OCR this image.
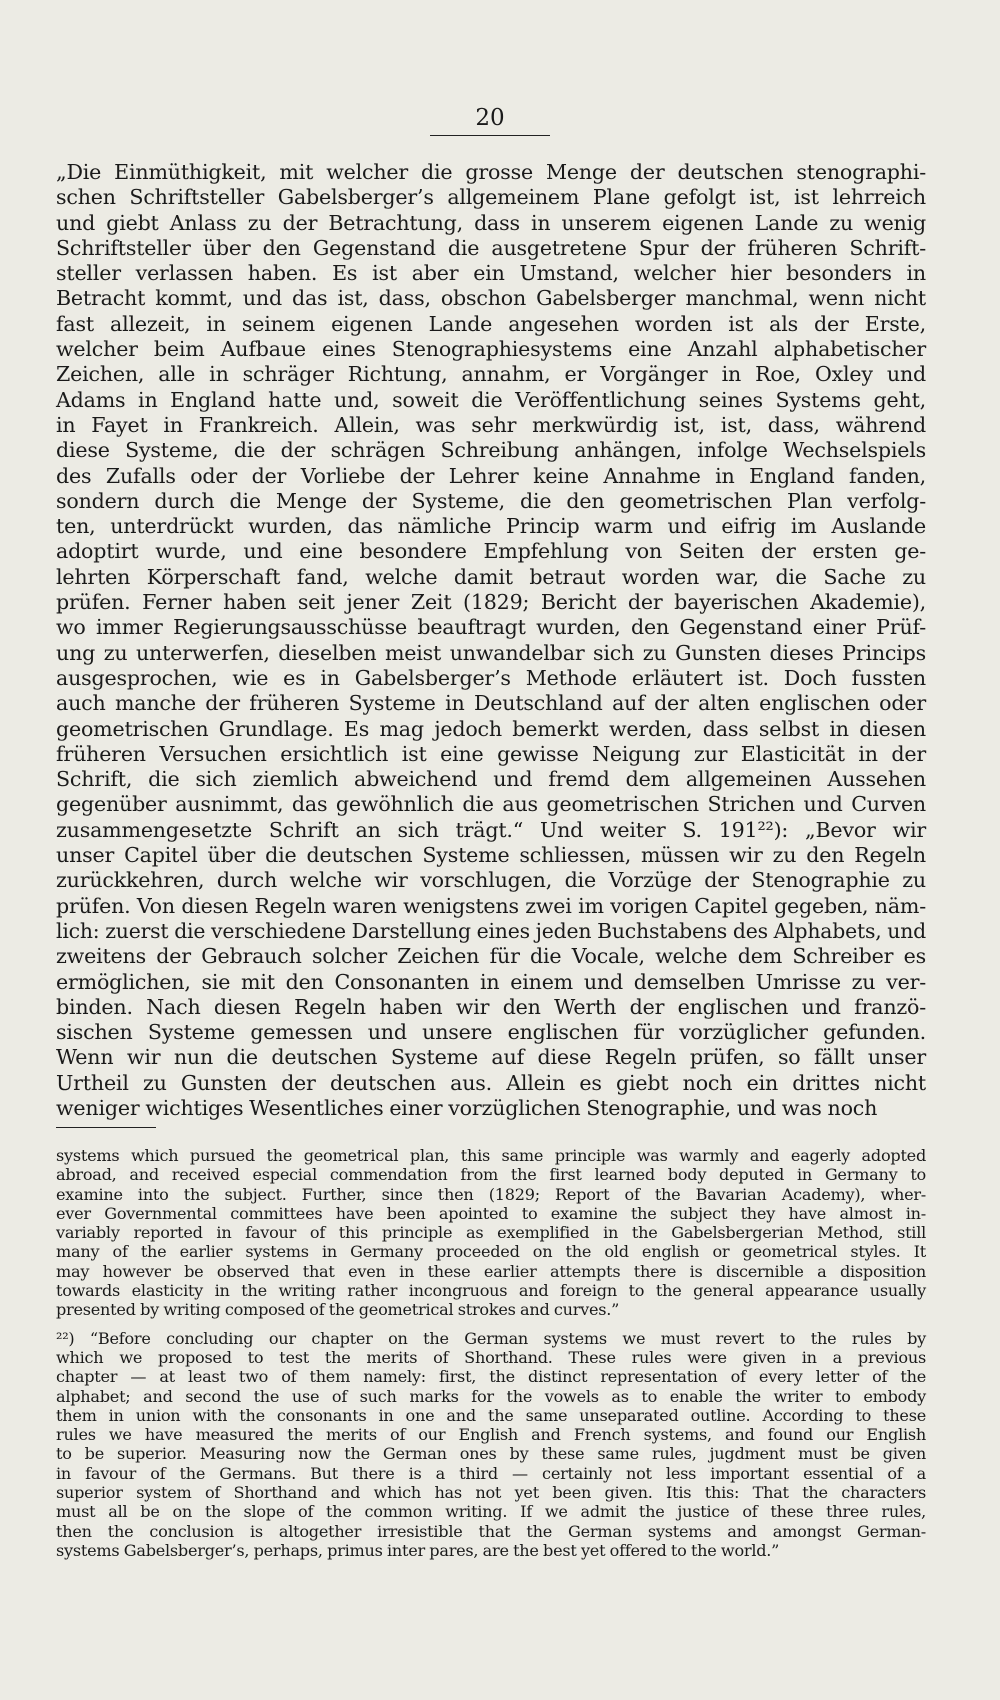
20
„Die Einmüthigkeit, mit welcher die grosse Menge der deutschen stenographi-
schen Schriftsteller Gabelsberger’s allgemeinem Plane gefolgt ist, ist lehrreich
und giebt Anlass zu der Betrachtung, dass in unserem eigenen Lande zu wenig
Schriftsteller über den Gegenstand die ausgetretene Spur der früheren Schrift-
steller verlassen haben. Es ist aber ein Umstand, welcher hier besonders in
Betracht kommt, und das ist, dass, obschon Gabelsberger manchmal, wenn nicht
fast allezeit, in seinem eigenen Lande angesehen worden ist als der Erste,
welcher beim Aufbaue eines Stenographiesystems eine Anzahl alphabetischer
Zeichen, alle in schräger Richtung, annahm, er Vorgänger in Roe, Oxley und
Adams in England hatte und, soweit die Veröffentlichung seines Systems geht,
in Fayet in Frankreich. Allein, was sehr merkwürdig ist, ist, dass, während
diese Systeme, die der schrägen Schreibung anhängen, infolge Wechselspiels
des Zufalls oder der Vorliebe der Lehrer keine Annahme in England fanden,
sondern durch die Menge der Systeme, die den geometrischen Plan verfolg-
ten, unterdrückt wurden, das nämliche Princip warm und eifrig im Auslande
adoptirt wurde, und eine besondere Empfehlung von Seiten der ersten ge-
lehrten Körperschaft fand, welche damit betraut worden war, die Sache zu
prüfen. Ferner haben seit jener Zeit (1829; Bericht der bayerischen Akademie),
wo immer Regierungsausschüsse beauftragt wurden, den Gegenstand einer Prüf-
ung zu unterwerfen, dieselben meist unwandelbar sich zu Gunsten dieses Princips
ausgesprochen, wie es in Gabelsberger’s Methode erläutert ist. Doch fussten
auch manche der früheren Systeme in Deutschland auf der alten englischen oder
geometrischen Grundlage. Es mag jedoch bemerkt werden, dass selbst in diesen
früheren Versuchen ersichtlich ist eine gewisse Neigung zur Elasticität in der
Schrift, die sich ziemlich abweichend und fremd dem allgemeinen Aussehen
gegenüber ausnimmt, das gewöhnlich die aus geometrischen Strichen und Curven
zusammengesetzte Schrift an sich trägt.“ Und weiter S. 191²²): „Bevor wir
unser Capitel über die deutschen Systeme schliessen, müssen wir zu den Regeln
zurückkehren, durch welche wir vorschlugen, die Vorzüge der Stenographie zu
prüfen. Von diesen Regeln waren wenigstens zwei im vorigen Capitel gegeben, näm-
lich: zuerst die verschiedene Darstellung eines jeden Buchstabens des Alphabets, und
zweitens der Gebrauch solcher Zeichen für die Vocale, welche dem Schreiber es
ermöglichen, sie mit den Consonanten in einem und demselben Umrisse zu ver-
binden. Nach diesen Regeln haben wir den Werth der englischen und franzö-
sischen Systeme gemessen und unsere englischen für vorzüglicher gefunden.
Wenn wir nun die deutschen Systeme auf diese Regeln prüfen, so fällt unser
Urtheil zu Gunsten der deutschen aus. Allein es giebt noch ein drittes nicht
weniger wichtiges Wesentliches einer vorzüglichen Stenographie, und was noch
systems which pursued the geometrical plan, this same principle was warmly and eagerly adopted
abroad, and received especial commendation from the first learned body deputed in Germany to
examine into the subject. Further, since then (1829; Report of the Bavarian Academy), wher-
ever Governmental committees have been apointed to examine the subject they have almost in-
variably reported in favour of this principle as exemplified in the Gabelsbergerian Method, still
many of the earlier systems in Germany proceeded on the old english or geometrical styles. It
may however be observed that even in these earlier attempts there is discernible a disposition
towards elasticity in the writing rather incongruous and foreign to the general appearance usually
presented by writing composed of the geometrical strokes and curves.”
²²) “Before concluding our chapter on the German systems we must revert to the rules by
which we proposed to test the merits of Shorthand. These rules were given in a previous
chapter — at least two of them namely: first, the distinct representation of every letter of the
alphabet; and second the use of such marks for the vowels as to enable the writer to embody
them in union with the consonants in one and the same unseparated outline. According to these
rules we have measured the merits of our English and French systems, and found our English
to be superior. Measuring now the German ones by these same rules, jugdment must be given
in favour of the Germans. But there is a third — certainly not less important essential of a
superior system of Shorthand and which has not yet been given. Itis this: That the characters
must all be on the slope of the common writing. If we admit the justice of these three rules,
then the conclusion is altogether irresistible that the German systems and amongst German-
systems Gabelsberger’s, perhaps, primus inter pares, are the best yet offered to the world.”
